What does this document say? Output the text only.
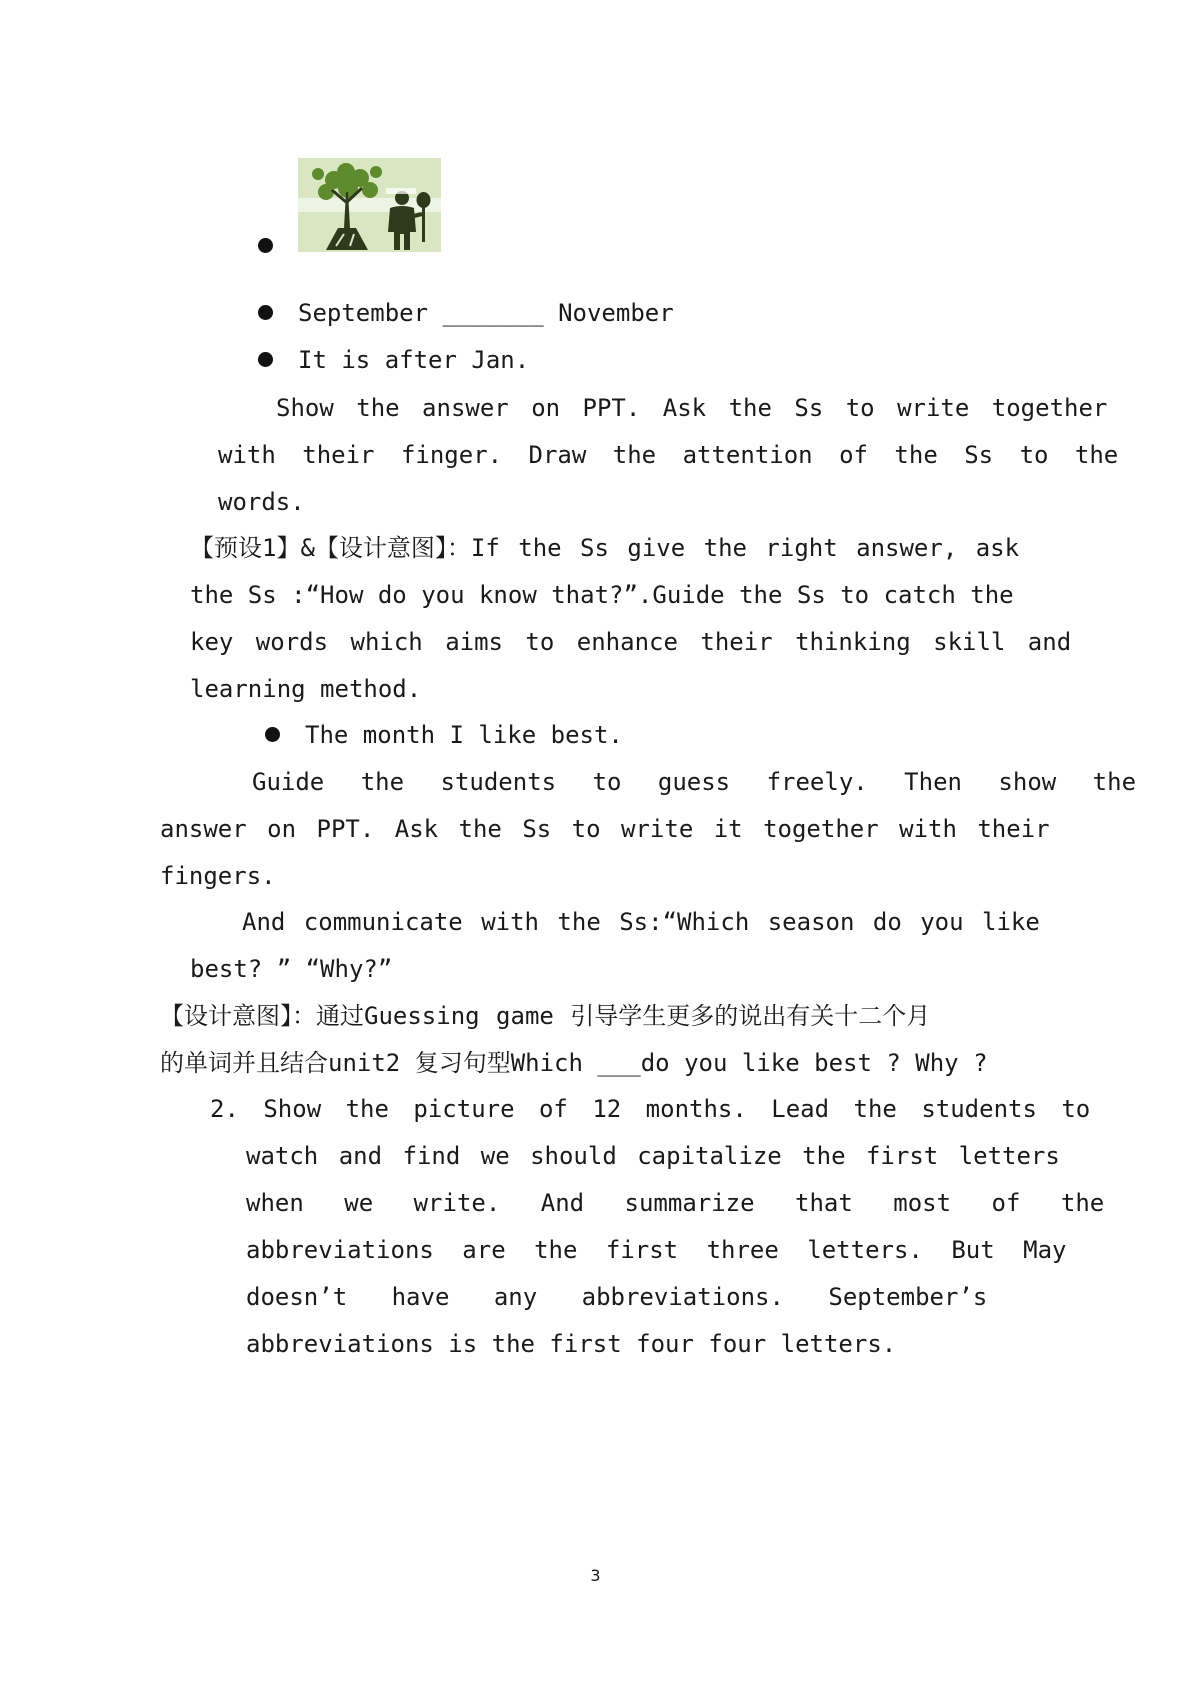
September _______ November
It is after Jan.
Show the answer on PPT. Ask the Ss to write together
with their finger. Draw the attention of the Ss to the
words.
【预设1】&【设计意图】：If the Ss give the right answer, ask
the Ss :“How do you know that?”.Guide the Ss to catch the
key words which aims to enhance their thinking skill and
learning method.
The month I like best.
Guide the students to guess freely. Then show the
answer on PPT. Ask the Ss to write it together with their
fingers.
And communicate with the Ss:“Which season do you like
best? ” “Why?”
【设计意图】：通过Guessing game 引导学生更多的说出有关十二个月
的单词并且结合unit2 复习句型Which ___do you like best ? Why ?
2. Show the picture of 12 months. Lead the students to
watch and find we should capitalize the first letters
when we write. And summarize that most of the
abbreviations are the first three letters. But May
doesn’t have any abbreviations. September’s
abbreviations is the first four four letters.
3
